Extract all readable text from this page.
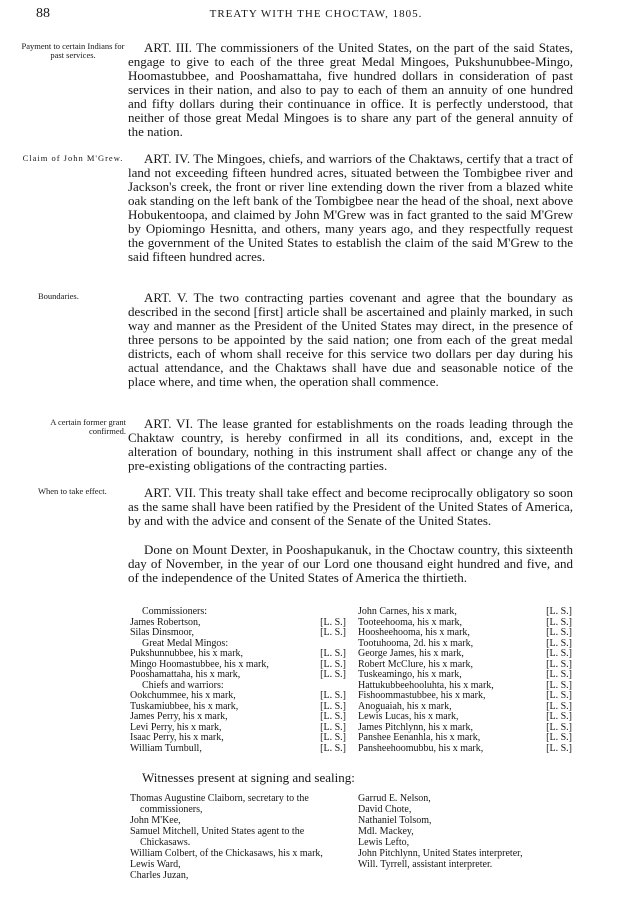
88	TREATY WITH THE CHOCTAW, 1805.
Payment to certain Indians for past services.	ART. III. The commissioners of the United States, on the part of the said States, engage to give to each of the three great Medal Mingoes, Pukshunubbee-Mingo, Hoomastubbee, and Pooshamattaha, five hundred dollars in consideration of past services in their nation, and also to pay to each of them an annuity of one hundred and fifty dollars during their continuance in office. It is perfectly understood, that neither of those great Medal Mingoes is to share any part of the general annuity of the nation.

Claim of John M'Grew.	ART. IV. The Mingoes, chiefs, and warriors of the Chaktaws, certify that a tract of land not exceeding fifteen hundred acres, situated between the Tombigbee river and Jackson's creek, the front or river line extending down the river from a blazed white oak standing on the left bank of the Tombigbee near the head of the shoal, next above Hobukentoopa, and claimed by John M'Grew was in fact granted to the said M'Grew by Opiomingo Hesnitta, and others, many years ago, and they respectfully request the government of the United States to establish the claim of the said M'Grew to the said fifteen hundred acres.

Boundaries.	ART. V. The two contracting parties covenant and agree that the boundary as described in the second [first] article shall be ascertained and plainly marked, in such way and manner as the President of the United States may direct, in the presence of three persons to be appointed by the said nation; one from each of the great medal districts, each of whom shall receive for this service two dollars per day during his actual attendance, and the Chaktaws shall have due and seasonable notice of the place where, and time when, the operation shall commence.

A certain former grant confirmed.	ART. VI. The lease granted for establishments on the roads leading through the Chaktaw country, is hereby confirmed in all its conditions, and, except in the alteration of boundary, nothing in this instrument shall affect or change any of the pre-existing obligations of the contracting parties.

When to take effect.	ART. VII. This treaty shall take effect and become reciprocally obligatory so soon as the same shall have been ratified by the President of the United States of America, by and with the advice and consent of the Senate of the United States.

Done on Mount Dexter, in Pooshapukanuk, in the Choctaw country, this sixteenth day of November, in the year of our Lord one thousand eight hundred and five, and of the independence of the United States of America the thirtieth.

Commissioners:
James Robertson,	[L. S.]
Silas Dinsmoor,	[L. S.]
Great Medal Mingos:
Pukshunnubbee, his x mark,	[L. S.]
Mingo Hoomastubbee, his x mark,	[L. S.]
Pooshamattaha, his x mark,	[L. S.]
Chiefs and warriors:
Ookchummee, his x mark,	[L. S.]
Tuskamiubbee, his x mark,	[L. S.]
James Perry, his x mark,	[L. S.]
Levi Perry, his x mark,	[L. S.]
Isaac Perry, his x mark,	[L. S.]
William Turnbull,	[L. S.]
John Carnes, his x mark,	[L. S.]
Tooteehooma, his x mark,	[L. S.]
Hoosheehooma, his x mark,	[L. S.]
Tootuhooma, 2d. his x mark,	[L. S.]
George James, his x mark,	[L. S.]
Robert McClure, his x mark,	[L. S.]
Tuskeamingo, his x mark,	[L. S.]
Hattukubbeehooluhta, his x mark,	[L. S.]
Fishoommastubbee, his x mark,	[L. S.]
Anoguaiah, his x mark,	[L. S.]
Lewis Lucas, his x mark,	[L. S.]
James Pitchlynn, his x mark,	[L. S.]
Panshee Eenanhla, his x mark,	[L. S.]
Pansheehoomubbu, his x mark,	[L. S.]
Witnesses present at signing and sealing:
Thomas Augustine Claiborn, secretary to the commissioners,
John M'Kee,
Samuel Mitchell, United States agent to the Chickasaws.
William Colbert, of the Chickasaws, his x mark,
Lewis Ward,
Charles Juzan,
Garrud E. Nelson,
David Chote,
Nathaniel Tolsom,
Mdl. Mackey,
Lewis Lefto,
John Pitchlynn, United States interpreter,
Will. Tyrrell, assistant interpreter.
